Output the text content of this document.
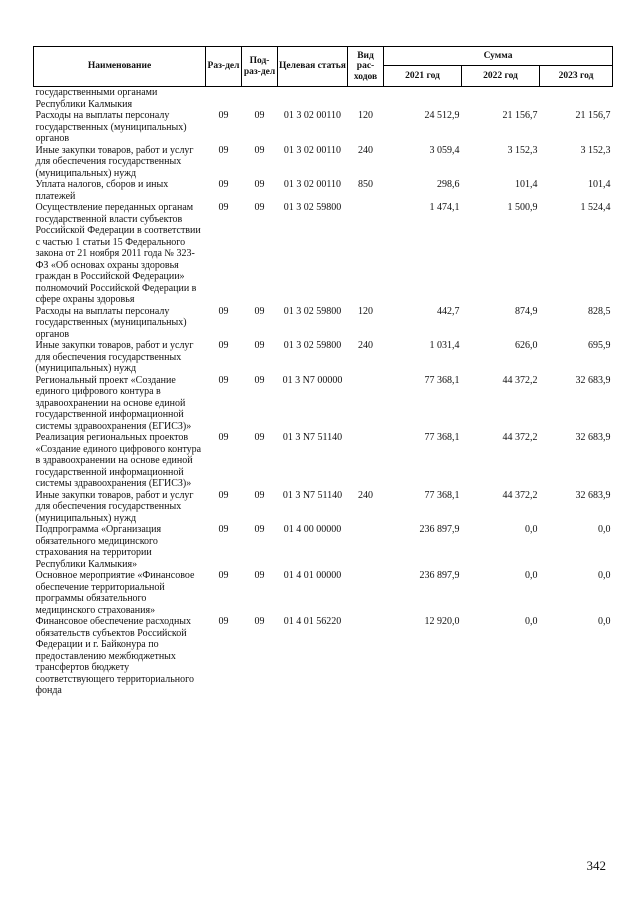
Наименование	Раз-дел	Под-раз-дел	Целевая статья	Вид рас-ходов	Сумма		
					2021 год	2022 год	2023 год
государственными органами Республики Калмыкия							
Расходы на выплаты персоналу государственных (муниципальных) органов	09	09	01 3 02 00110	120	24 512,9	21 156,7	21 156,7
Иные закупки товаров, работ и услуг для обеспечения государственных (муниципальных) нужд	09	09	01 3 02 00110	240	3 059,4	3 152,3	3 152,3
Уплата налогов, сборов и иных платежей	09	09	01 3 02 00110	850	298,6	101,4	101,4
Осуществление переданных органам государственной власти субъектов Российской Федерации в соответствии с частью 1 статьи 15 Федерального закона от 21 ноября 2011 года № 323-ФЗ «Об основах охраны здоровья граждан в Российской Федерации» полномочий Российской Федерации в сфере охраны здоровья	09	09	01 3 02 59800		1 474,1	1 500,9	1 524,4
Расходы на выплаты персоналу государственных (муниципальных) органов	09	09	01 3 02 59800	120	442,7	874,9	828,5
Иные закупки товаров, работ и услуг для обеспечения государственных (муниципальных) нужд	09	09	01 3 02 59800	240	1 031,4	626,0	695,9
Региональный проект «Создание единого цифрового контура в здравоохранении на основе единой государственной информационной системы здравоохранения (ЕГИСЗ)»	09	09	01 3 N7 00000		77 368,1	44 372,2	32 683,9
Реализация региональных проектов «Создание единого цифрового контура в здравоохранении на основе единой государственной информационной системы здравоохранения (ЕГИСЗ)»	09	09	01 3 N7 51140		77 368,1	44 372,2	32 683,9
Иные закупки товаров, работ и услуг для обеспечения государственных (муниципальных) нужд	09	09	01 3 N7 51140	240	77 368,1	44 372,2	32 683,9
Подпрограмма «Организация обязательного медицинского страхования на территории Республики Калмыкия»	09	09	01 4 00 00000		236 897,9	0,0	0,0
Основное мероприятие «Финансовое обеспечение территориальной программы обязательного медицинского страхования»	09	09	01 4 01 00000		236 897,9	0,0	0,0
Финансовое обеспечение расходных обязательств субъектов Российской Федерации и г. Байконура по предоставлению межбюджетных трансфертов бюджету соответствующего территориального фонда	09	09	01 4 01 56220		12 920,0	0,0	0,0
342
